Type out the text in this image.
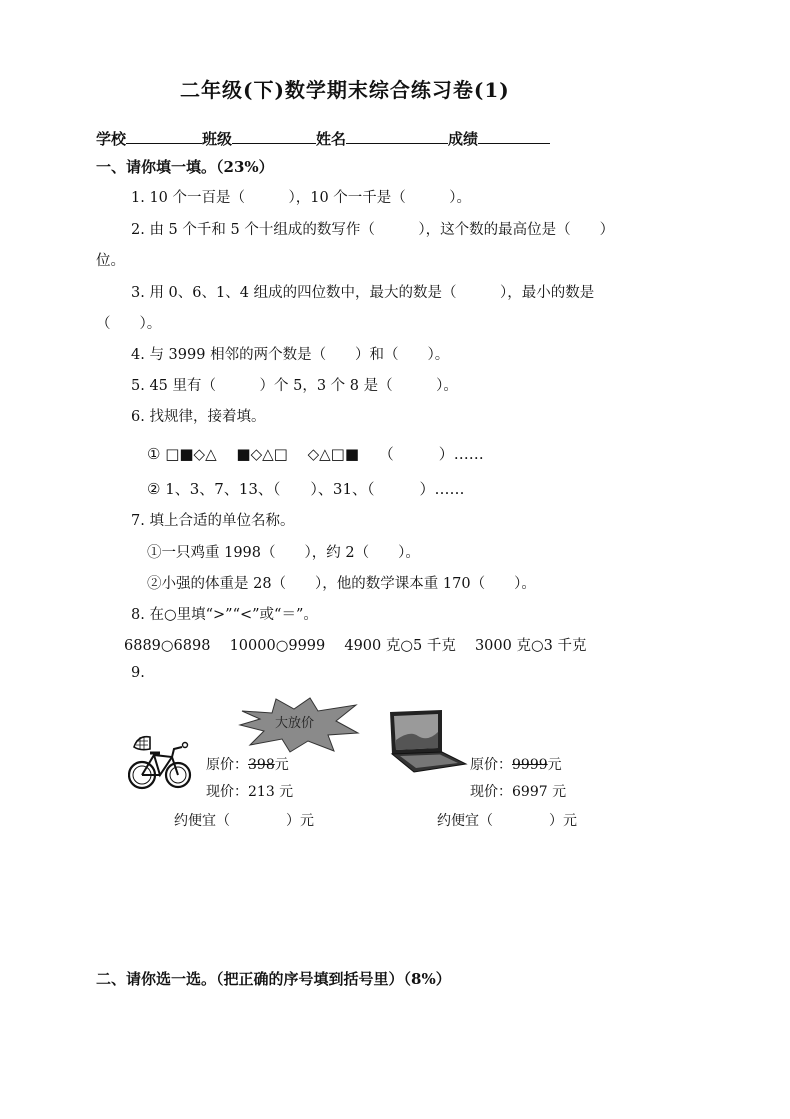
二年级(下)数学期末综合练习卷(1)
学校	班级	姓名	成绩
一、请你填一填。（23%）
1. 10 个一百是（　　　），10 个一千是（　　　）。
2. 由 5 个千和 5 个十组成的数写作（　　　），这个数的最高位是（　　）
位。
3. 用 0、6、1、4 组成的四位数中，最大的数是（　　　），最小的数是
（　　）。
4. 与 3999 相邻的两个数是（　　）和（　　）。
5. 45 里有（　　　）个 5，3 个 8 是（　　　）。
6. 找规律，接着填。
① □■◇△　 ■◇△□　 ◇△□■　 （　　　）……
② 1、3、7、13、（　　）、31、（　　　）……
7. 填上合适的单位名称。
①一只鸡重 1998（　　），约 2（　　）。
②小强的体重是 28（　　），他的数学课本重 170（　　）。
8. 在○里填“>”“<”或“＝”。
6889○6898　 10000○9999　 4900 克○5 千克　 3000 克○3 千克
9.
大放价
原价：398元
现价：213 元
约便宜（　　　　）元
原价：9999元
现价：6997 元
约便宜（　　　　）元
二、请你选一选。（把正确的序号填到括号里）（8%）
